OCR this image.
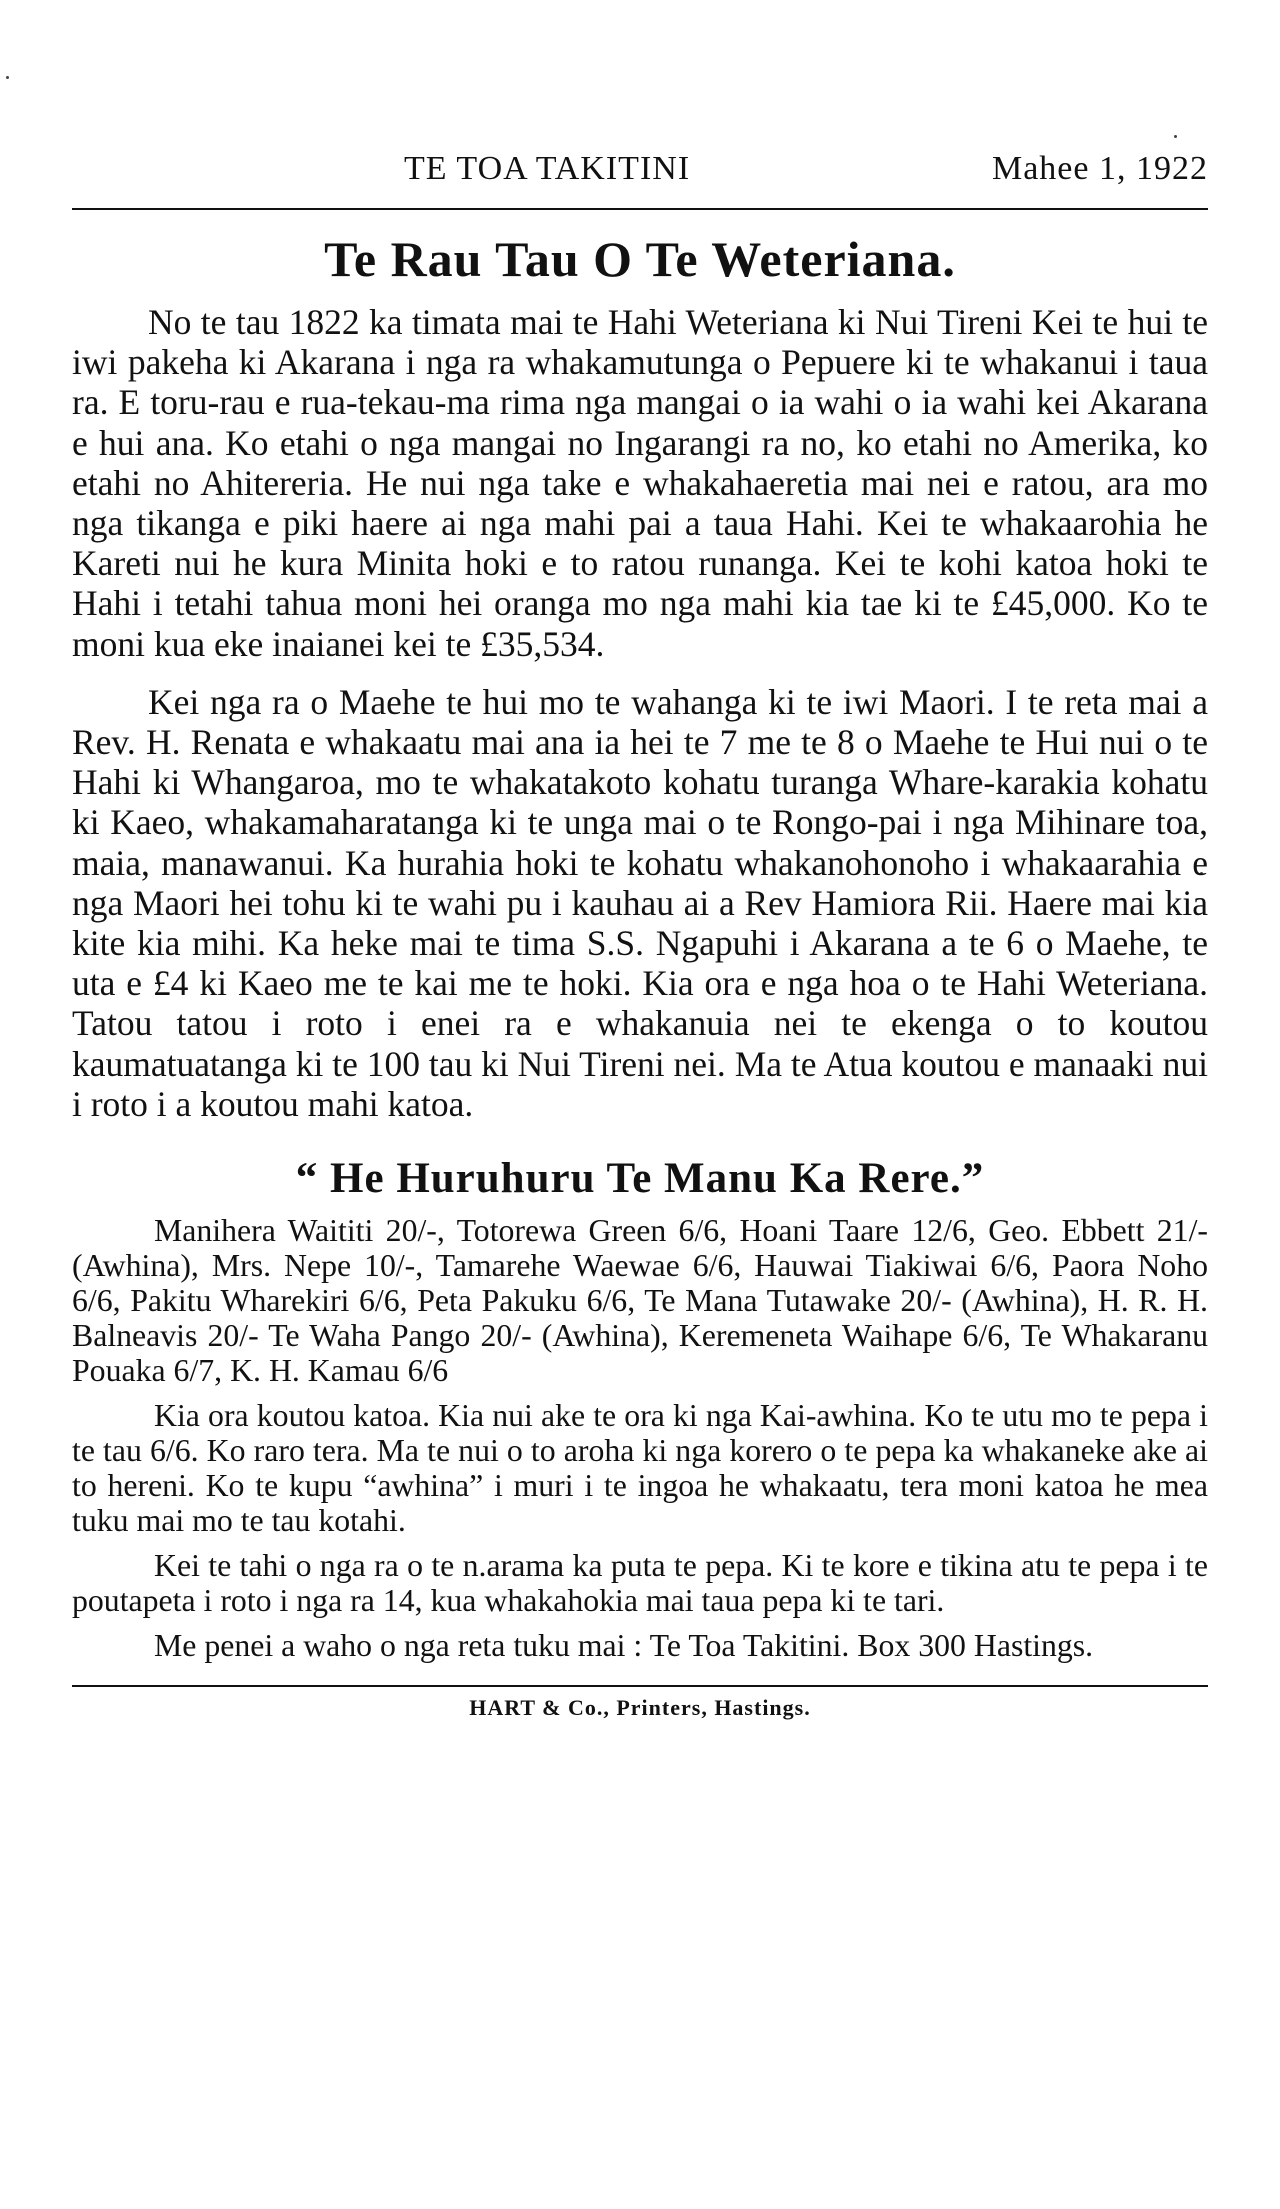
TE TOA TAKITINI	Mahee 1, 1922
Te Rau Tau O Te Weteriana.

No te tau 1822 ka timata mai te Hahi Weteriana ki Nui Tireni Kei te hui te iwi pakeha ki Akarana i nga ra whakamutunga o Pepuere ki te whakanui i taua ra. E toru-rau e rua-tekau-ma rima nga mangai o ia wahi o ia wahi kei Akarana e hui ana. Ko etahi o nga mangai no Ingarangi ra no, ko etahi no Amerika, ko etahi no Ahitereria. He nui nga take e whakahaeretia mai nei e ratou, ara mo nga tikanga e piki haere ai nga mahi pai a taua Hahi. Kei te whakaarohia he Kareti nui he kura Minita hoki e to ratou runanga. Kei te kohi katoa hoki te Hahi i tetahi tahua moni hei oranga mo nga mahi kia tae ki te £45,000. Ko te moni kua eke inaianei kei te £35,534.

Kei nga ra o Maehe te hui mo te wahanga ki te iwi Maori. I te reta mai a Rev. H. Renata e whakaatu mai ana ia hei te 7 me te 8 o Maehe te Hui nui o te Hahi ki Whangaroa, mo te whakatakoto kohatu turanga Whare-karakia kohatu ki Kaeo, whakamaharatanga ki te unga mai o te Rongo-pai i nga Mihinare toa, maia, manawanui. Ka hurahia hoki te kohatu whakanohonoho i whakaarahia e nga Maori hei tohu ki te wahi pu i kauhau ai a Rev Hamiora Rii. Haere mai kia kite kia mihi. Ka heke mai te tima S.S. Ngapuhi i Akarana a te 6 o Maehe, te uta e £4 ki Kaeo me te kai me te hoki. Kia ora e nga hoa o te Hahi Weteriana. Tatou tatou i roto i enei ra e whakanuia nei te ekenga o to koutou kaumatuatanga ki te 100 tau ki Nui Tireni nei. Ma te Atua koutou e manaaki nui i roto i a koutou mahi katoa.

“ He Huruhuru Te Manu Ka Rere.”

Manihera Waititi 20/-, Totorewa Green 6/6, Hoani Taare 12/6, Geo. Ebbett 21/- (Awhina), Mrs. Nepe 10/-, Tamarehe Waewae 6/6, Hauwai Tiakiwai 6/6, Paora Noho 6/6, Pakitu Wharekiri 6/6, Peta Pakuku 6/6, Te Mana Tutawake 20/- (Awhina), H. R. H. Balneavis 20/- Te Waha Pango 20/- (Awhina), Keremeneta Waihape 6/6, Te Whakaranu Pouaka 6/7, K. H. Kamau 6/6

Kia ora koutou katoa. Kia nui ake te ora ki nga Kai-awhina. Ko te utu mo te pepa i te tau 6/6. Ko raro tera. Ma te nui o to aroha ki nga korero o te pepa ka whakaneke ake ai to hereni. Ko te kupu “awhina” i muri i te ingoa he whakaatu, tera moni katoa he mea tuku mai mo te tau kotahi.

Kei te tahi o nga ra o te n.arama ka puta te pepa. Ki te kore e tikina atu te pepa i te poutapeta i roto i nga ra 14, kua whakahokia mai taua pepa ki te tari.

Me penei a waho o nga reta tuku mai : Te Toa Takitini. Box 300 Hastings.

HART & Co., Printers, Hastings.
